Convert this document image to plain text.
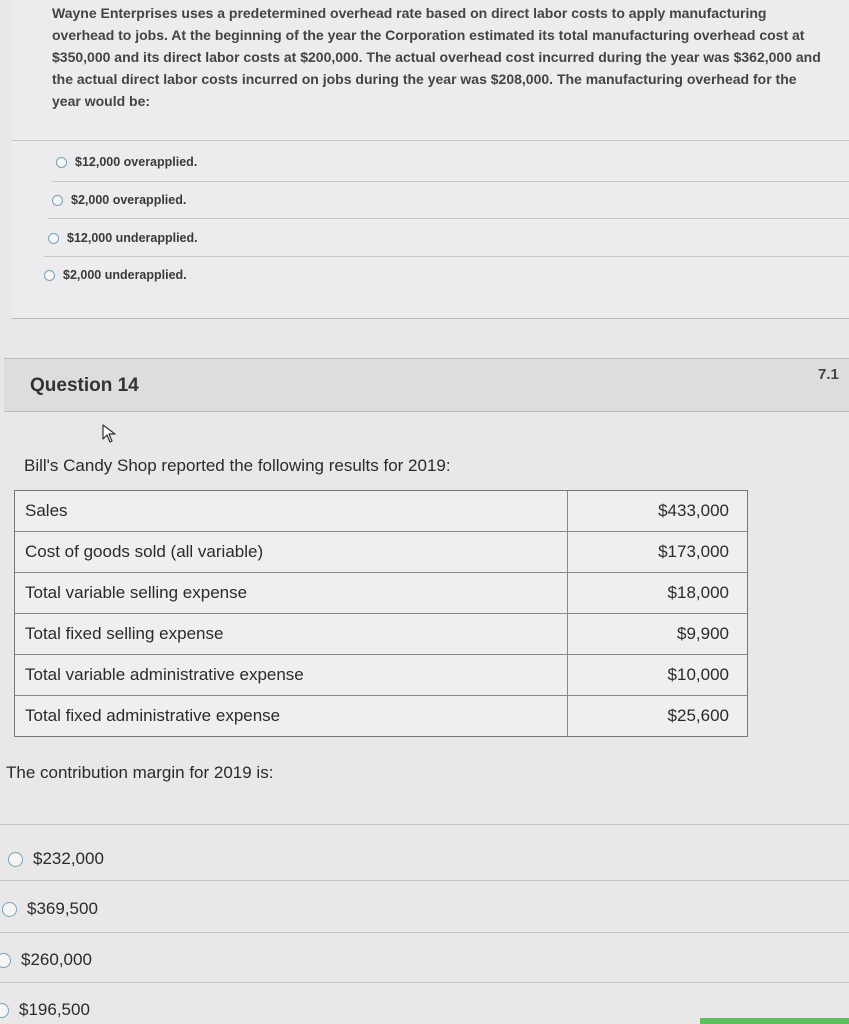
Wayne Enterprises uses a predetermined overhead rate based on direct labor costs to apply manufacturing overhead to jobs. At the beginning of the year the Corporation estimated its total manufacturing overhead cost at $350,000 and its direct labor costs at $200,000. The actual overhead cost incurred during the year was $362,000 and the actual direct labor costs incurred on jobs during the year was $208,000. The manufacturing overhead for the year would be:
$12,000 overapplied.
$2,000 overapplied.
$12,000 underapplied.
$2,000 underapplied.
Question 14
7.1
Bill's Candy Shop reported the following results for 2019:
Sales	$433,000
Cost of goods sold (all variable)	$173,000
Total variable selling expense	$18,000
Total fixed selling expense	$9,900
Total variable administrative expense	$10,000
Total fixed administrative expense	$25,600
The contribution margin for 2019 is:
$232,000
$369,500
$260,000
$196,500
